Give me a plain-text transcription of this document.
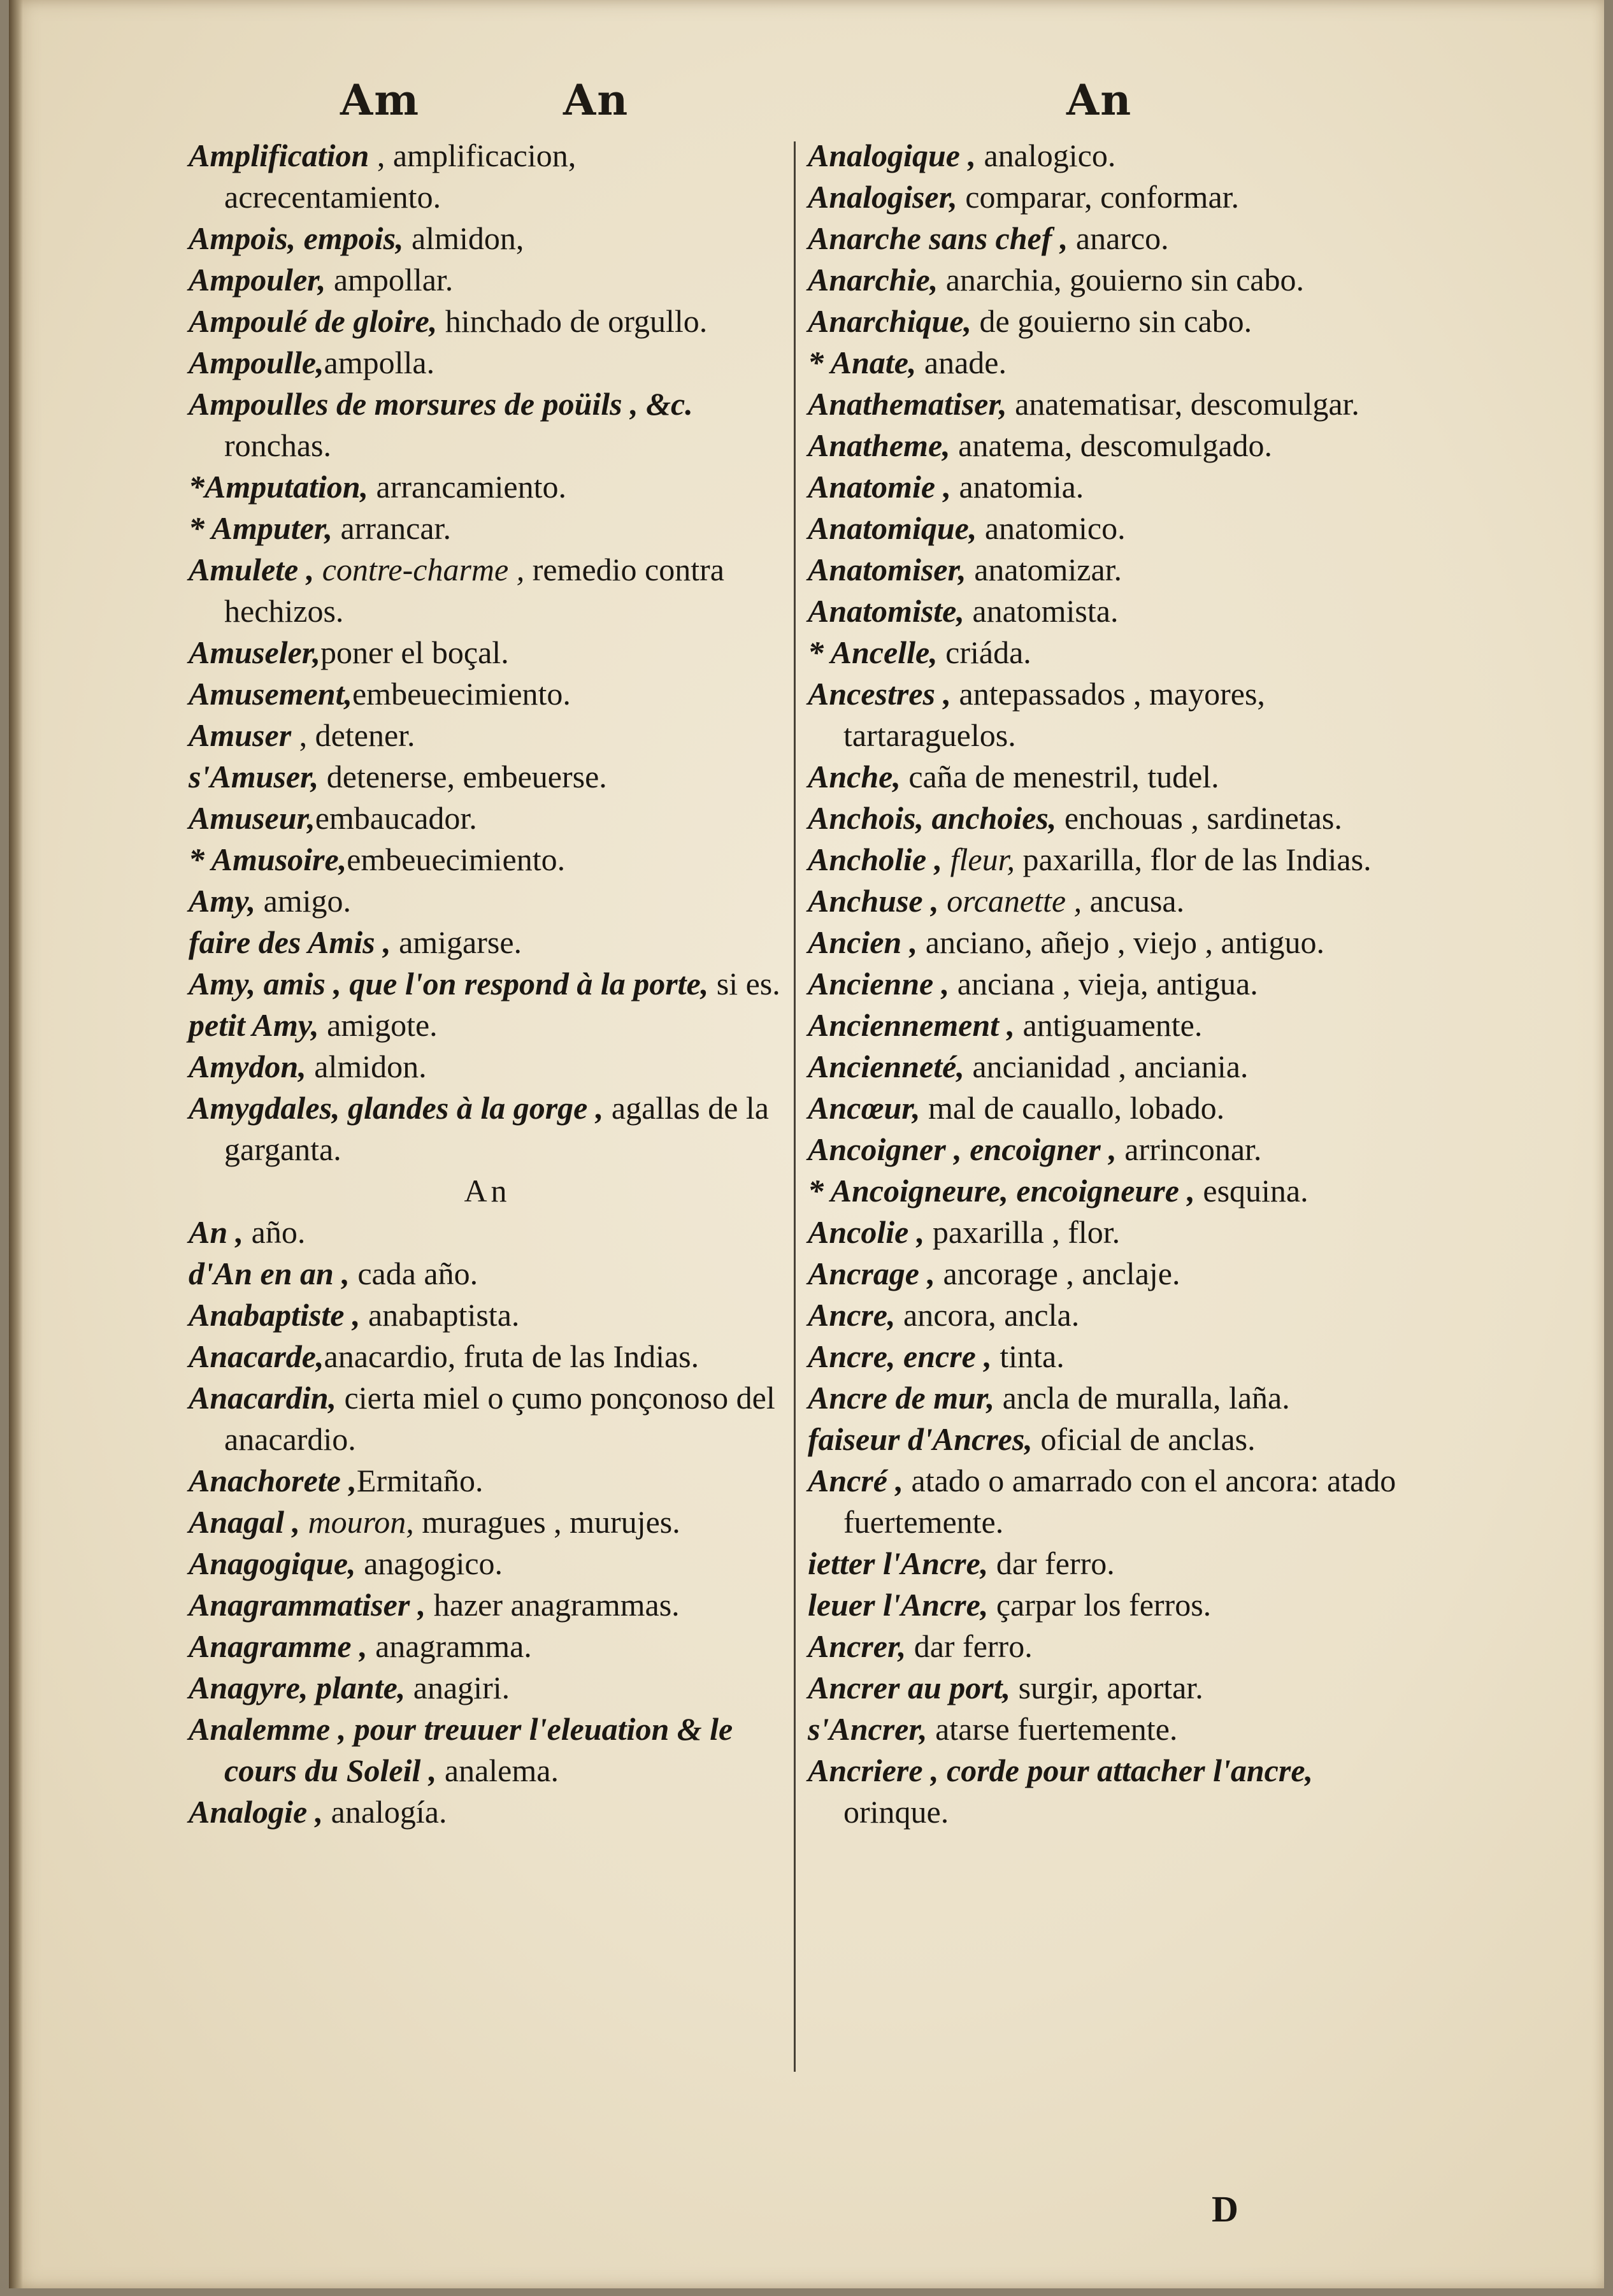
Am	An	An

Amplification , amplificacion, acrecentamiento.

Ampois, empois, almidon,

Ampouler, ampollar.

Ampoulé de gloire, hinchado de orgullo.

Ampoulle,ampolla.

Ampoulles de morsures de poüils , &c. ronchas.

*Amputation, arrancamiento.

* Amputer, arrancar.

Amulete , contre-charme , remedio contra hechizos.

Amuseler,poner el boçal.

Amusement,embeuecimiento.

Amuser , detener.

s'Amuser, detenerse, embeuerse.

Amuseur,embaucador.

* Amusoire,embeuecimiento.

Amy, amigo.

faire des Amis , amigarse.

Amy, amis , que l'on respond à la porte, si es.

petit Amy, amigote.

Amydon, almidon.

Amygdales, glandes à la gorge , agallas de la garganta.

An

An , año.

d'An en an , cada año.

Anabaptiste , anabaptista.

Anacarde,anacardio, fruta de las Indias.

Anacardin, cierta miel o çumo ponçonoso del anacardio.

Anachorete ,Ermitaño.

Anagal , mouron, muragues , murujes.

Anagogique, anagogico.

Anagrammatiser , hazer anagrammas.

Anagramme , anagramma.

Anagyre, plante, anagiri.

Analemme , pour treuuer l'eleuation & le cours du Soleil , analema.

Analogie , analogía.

Analogique , analogico.

Analogiser, comparar, conformar.

Anarche sans chef , anarco.

Anarchie, anarchia, gouierno sin cabo.

Anarchique, de gouierno sin cabo.

* Anate, anade.

Anathematiser, anatematisar, descomulgar.

Anatheme, anatema, descomulgado.

Anatomie , anatomia.

Anatomique, anatomico.

Anatomiser, anatomizar.

Anatomiste, anatomista.

* Ancelle, criáda.

Ancestres , antepassados , mayores, tartaraguelos.

Anche, caña de menestril, tudel.

Anchois, anchoies, enchouas , sardinetas.

Ancholie , fleur, paxarilla, flor de las Indias.

Anchuse , orcanette , ancusa.

Ancien , anciano, añejo , viejo , antiguo.

Ancienne , anciana , vieja, antigua.

Anciennement , antiguamente.

Ancienneté, ancianidad , anciania.

Ancœur, mal de cauallo, lobado.

Ancoigner , encoigner , arrinconar.

* Ancoigneure, encoigneure , esquina.

Ancolie , paxarilla , flor.

Ancrage , ancorage , anclaje.

Ancre, ancora, ancla.

Ancre, encre , tinta.

Ancre de mur, ancla de muralla, laña.

faiseur d'Ancres, oficial de anclas.

Ancré , atado o amarrado con el ancora: atado fuertemente.

ietter l'Ancre, dar ferro.

leuer l'Ancre, çarpar los ferros.

Ancrer, dar ferro.

Ancrer au port, surgir, aportar.

s'Ancrer, atarse fuertemente.

Ancriere , corde pour attacher l'ancre, orinque.

D
